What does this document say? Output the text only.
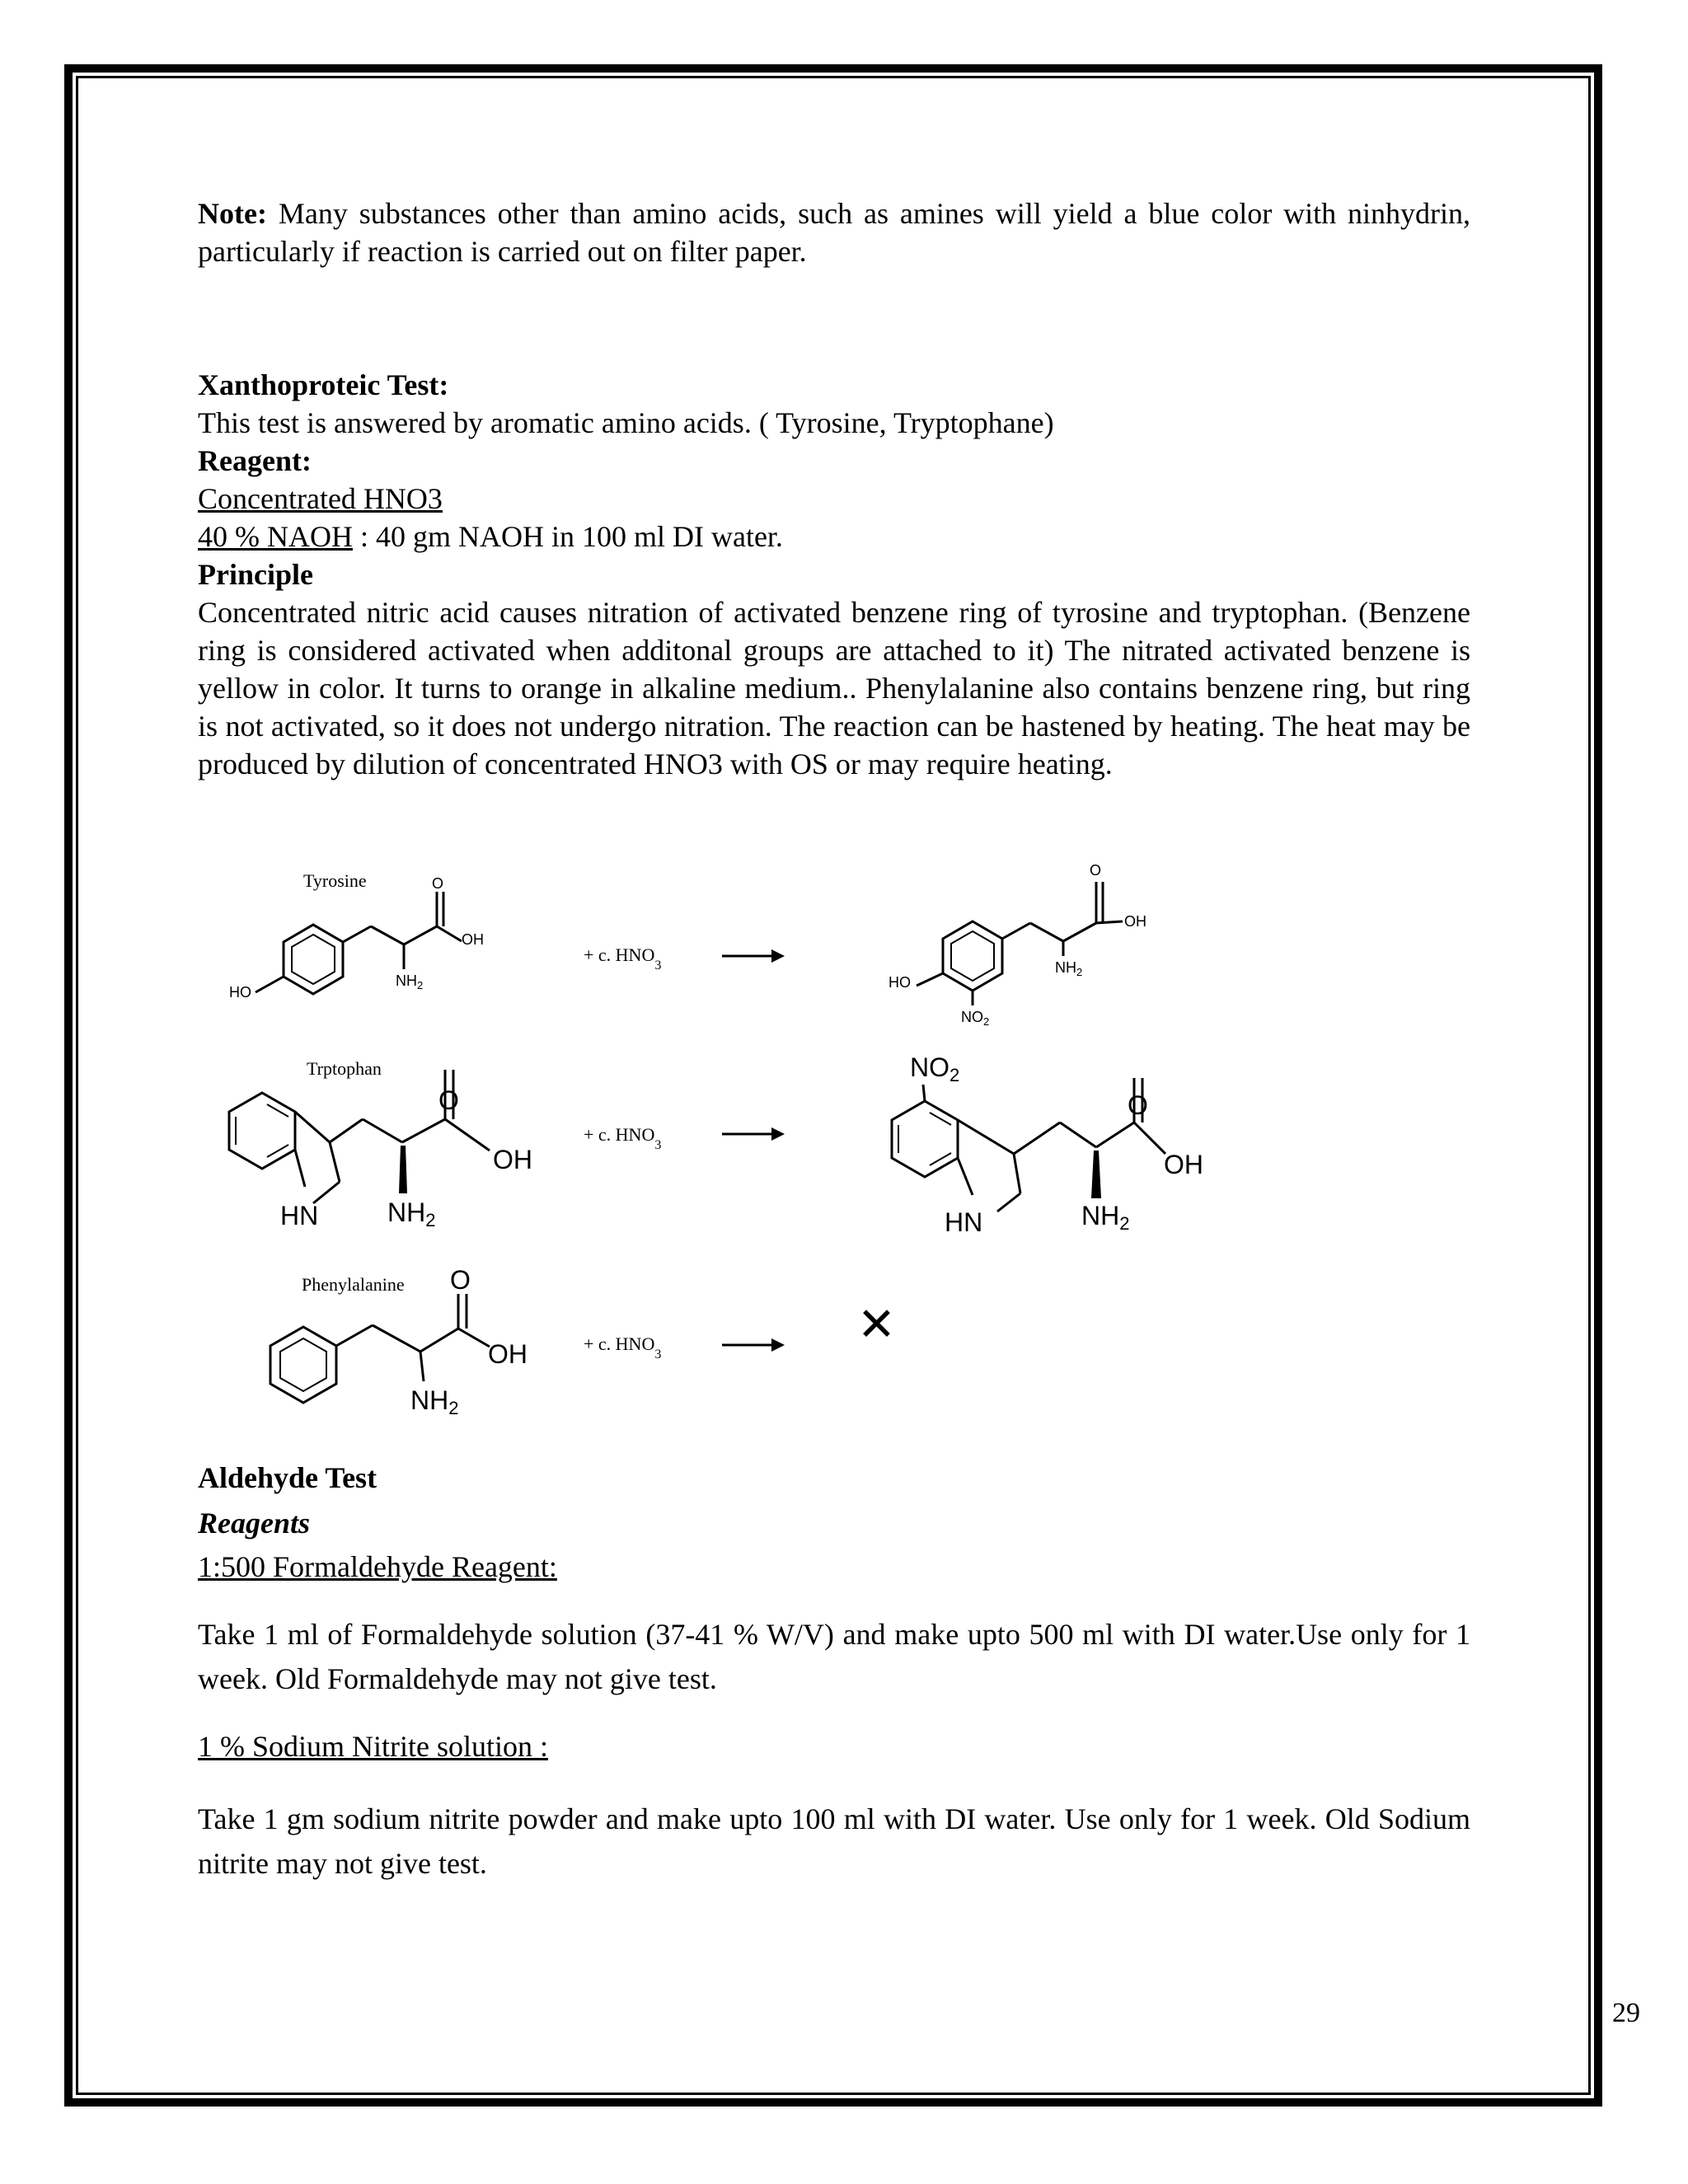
Note: Many substances other than amino acids, such as amines will yield a blue color with ninhydrin, particularly if reaction is carried out on filter paper.
Xanthoproteic Test:
This test is answered by aromatic amino acids. ( Tyrosine, Tryptophane)
Reagent:
Concentrated HNO3
40 % NAOH : 40 gm NAOH in 100 ml DI water.
Principle
Concentrated nitric acid causes nitration of activated benzene ring of tyrosine and tryptophan. (Benzene ring is considered activated when additonal groups are attached to it) The nitrated activated benzene is yellow in color. It turns to orange in alkaline medium.. Phenylalanine also contains benzene ring, but ring is not activated, so it does not undergo nitration. The reaction can be hastened by heating. The heat may be produced by dilution of concentrated HNO3 with OS or may require heating.
Tyrosine	O
OH
$NH_2$
HO
+ c. $HNO_3$
O
OH
$NH_2$
HO
$NO_2$
Trptophan
O
OH
NH2
HN
+ c. $HNO_3$
NO2
O
OH
NH2
HN
Phenylalanine O
OH
NH2
+ c. $HNO_3$
✕
Aldehyde Test
Reagents
1:500 Formaldehyde Reagent:
Take 1 ml of Formaldehyde solution (37-41 % W/V) and make upto 500 ml with DI water.Use only for 1 week. Old Formaldehyde may not give test.
1 % Sodium Nitrite solution :
Take 1 gm sodium nitrite powder and make upto 100 ml with DI water. Use only for 1 week. Old Sodium nitrite may not give test.
29
